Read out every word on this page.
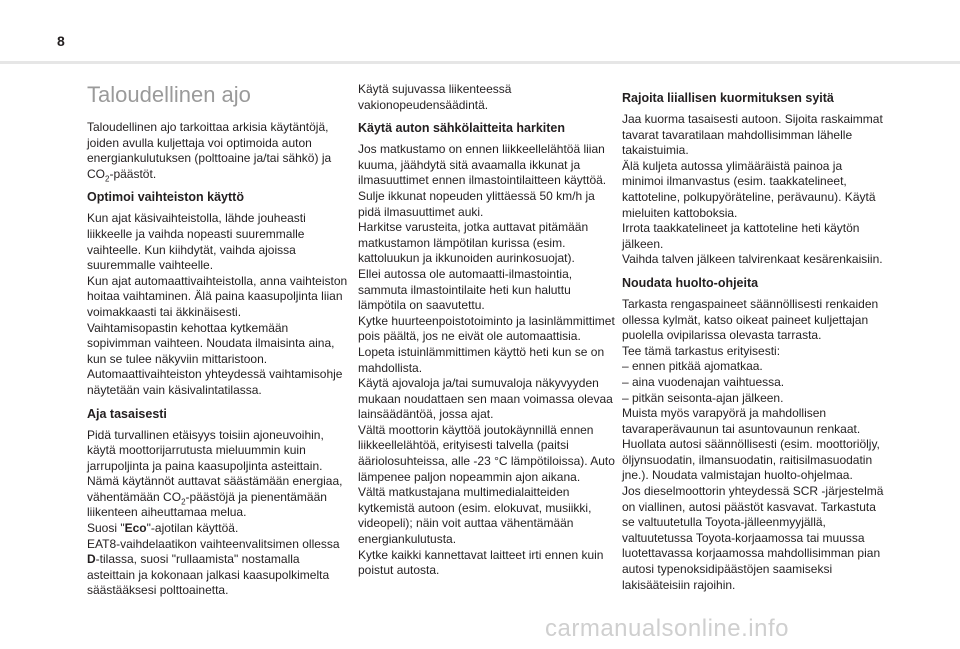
8
Taloudellinen ajo

Taloudellinen ajo tarkoittaa arkisia käytäntöjä, joiden avulla kuljettaja voi optimoida auton energiankulutuksen (polttoaine ja/tai sähkö) ja $CO_2$-päästöt.

Optimoi vaihteiston käyttö

Kun ajat käsivaihteistolla, lähde jouheasti liikkeelle ja vaihda nopeasti suuremmalle vaihteelle. Kun kiihdytät, vaihda ajoissa suuremmalle vaihteelle.
Kun ajat automaattivaihteistolla, anna vaihteiston hoitaa vaihtaminen. Älä paina kaasupoljinta liian voimakkaasti tai äkkinäisesti.
Vaihtamisopastin kehottaa kytkemään sopivimman vaihteen. Noudata ilmaisinta aina, kun se tulee näkyviin mittaristoon.
Automaattivaihteiston yhteydessä vaihtamisohje näytetään vain käsivalintatilassa.

Aja tasaisesti

Pidä turvallinen etäisyys toisiin ajoneuvoihin, käytä moottorijarrutusta mieluummin kuin jarrupoljinta ja paina kaasupoljinta asteittain. Nämä käytännöt auttavat säästämään energiaa, vähentämään $CO_2$-päästöjä ja pienentämään liikenteen aiheuttamaa melua.

Suosi "Eco"-ajotilan käyttöä.

EAT8-vaihdelaatikon vaihteenvalitsimen ollessa D-tilassa, suosi "rullaamista" nostamalla asteittain ja kokonaan jalkasi kaasupolkimelta säästääksesi polttoainetta.

Käytä sujuvassa liikenteessä vakionopeudensäädintä.

Käytä auton sähkölaitteita harkiten

Jos matkustamo on ennen liikkeellelähtöä liian kuuma, jäähdytä sitä avaamalla ikkunat ja ilmasuuttimet ennen ilmastointilaitteen käyttöä.
Sulje ikkunat nopeuden ylittäessä 50 km/h ja pidä ilmasuuttimet auki.
Harkitse varusteita, jotka auttavat pitämään matkustamon lämpötilan kurissa (esim. kattoluukun ja ikkunoiden aurinkosuojat).
Ellei autossa ole automaatti-ilmastointia, sammuta ilmastointilaite heti kun haluttu lämpötila on saavutettu.
Kytke huurteenpoistotoiminto ja lasinlämmittimet pois päältä, jos ne eivät ole automaattisia.
Lopeta istuinlämmittimen käyttö heti kun se on mahdollista.
Käytä ajovaloja ja/tai sumuvaloja näkyvyyden mukaan noudattaen sen maan voimassa olevaa lainsäädäntöä, jossa ajat.
Vältä moottorin käyttöä joutokäynnillä ennen liikkeellelähtöä, erityisesti talvella (paitsi ääriolosuhteissa, alle -23 °C lämpötiloissa). Auto lämpenee paljon nopeammin ajon aikana.
Vältä matkustajana multimedialaitteiden kytkemistä autoon (esim. elokuvat, musiikki, videopeli); näin voit auttaa vähentämään energiankulutusta.
Kytke kaikki kannettavat laitteet irti ennen kuin poistut autosta.

Rajoita liiallisen kuormituksen syitä

Jaa kuorma tasaisesti autoon. Sijoita raskaimmat tavarat tavaratilaan mahdollisimman lähelle takaistuimia.
Älä kuljeta autossa ylimääräistä painoa ja minimoi ilmanvastus (esim. taakkatelineet, kattoteline, polkupyöräteline, perävaunu). Käytä mieluiten kattoboksia.
Irrota taakkatelineet ja kattoteline heti käytön jälkeen.
Vaihda talven jälkeen talvirenkaat kesärenkaisiin.

Noudata huolto-ohjeita

Tarkasta rengaspaineet säännöllisesti renkaiden ollessa kylmät, katso oikeat paineet kuljettajan puolella ovipilarissa olevasta tarrasta.
Tee tämä tarkastus erityisesti:
– ennen pitkää ajomatkaa.
– aina vuodenajan vaihtuessa.
– pitkän seisonta-ajan jälkeen.
Muista myös varapyörä ja mahdollisen tavaraperävaunun tai asuntovaunun renkaat.
Huollata autosi säännöllisesti (esim. moottoriöljy, öljynsuodatin, ilmansuodatin, raitisilmasuodatin jne.). Noudata valmistajan huolto-ohjelmaa.
Jos dieselmoottorin yhteydessä SCR -järjestelmä on viallinen, autosi päästöt kasvavat. Tarkastuta se valtuutetulla Toyota-jälleenmyyjällä, valtuutetussa Toyota-korjaamossa tai muussa luotettavassa korjaamossa mahdollisimman pian autosi typenoksidipäästöjen saamiseksi lakisääteisiin rajoihin.

carmanualsonline.info
